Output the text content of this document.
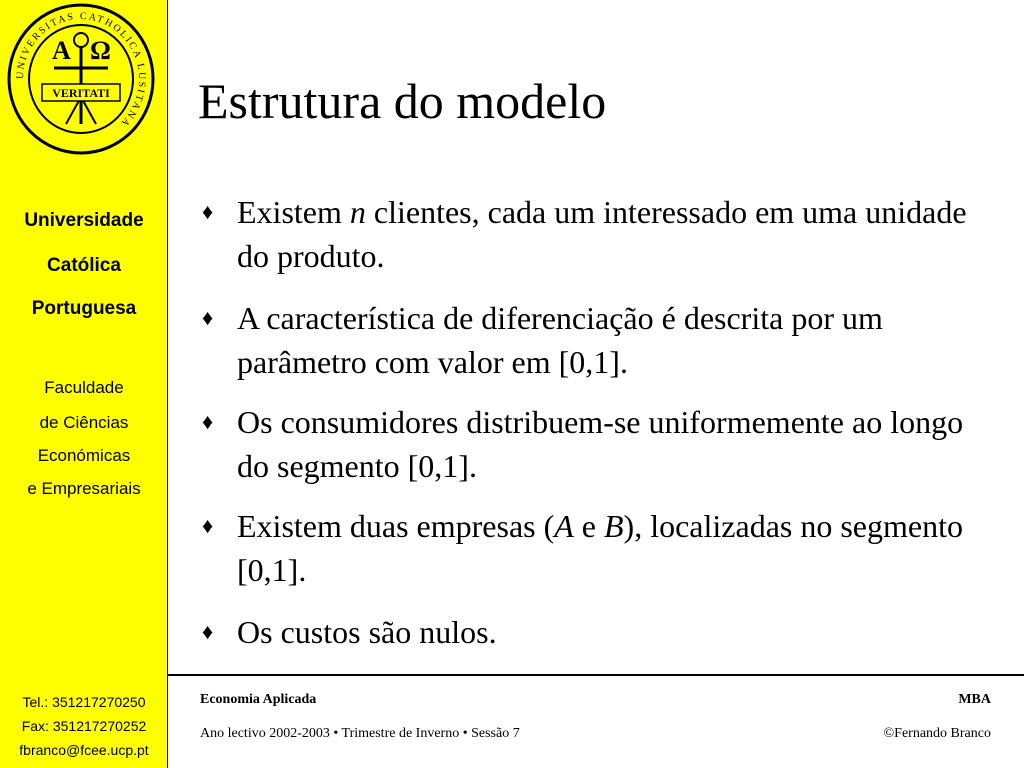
UNIVERSITAS CATHOLICA LUSITANA
A Ω
VERITATI
Universidade
Católica
Portuguesa
Faculdade
de Ciências
Económicas
e Empresariais
Tel.: 351217270250
Fax: 351217270252
fbranco@fcee.ucp.pt
Estrutura do modelo
♦ Existem n clientes, cada um interessado em uma unidade do produto.
♦ A característica de diferenciação é descrita por um parâmetro com valor em [0,1].
♦ Os consumidores distribuem-se uniformemente ao longo do segmento [0,1].
♦ Existem duas empresas (A e B), localizadas no segmento [0,1].
♦ Os custos são nulos.
Economia Aplicada	MBA
Ano lectivo 2002-2003 • Trimestre de Inverno • Sessão 7	©Fernando Branco
